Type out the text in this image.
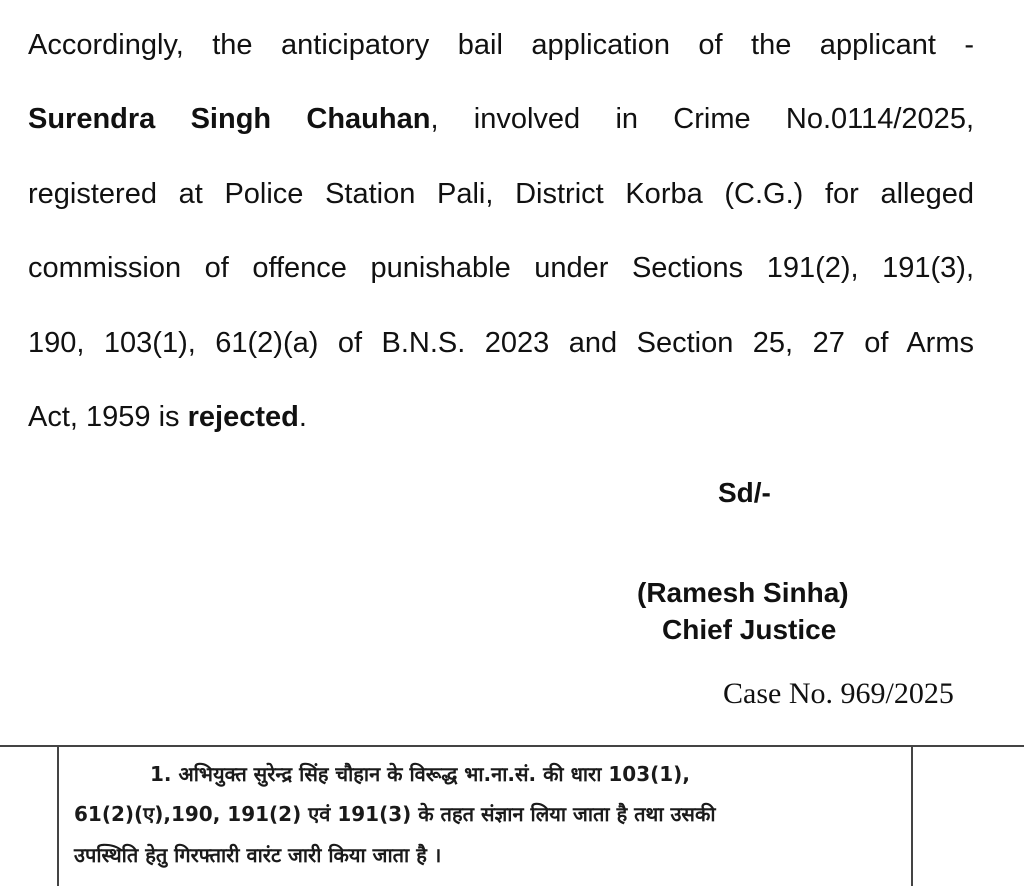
Accordingly, the anticipatory bail application of the applicant -
Surendra Singh Chauhan, involved in Crime No.0114/2025,
registered at Police Station Pali, District Korba (C.G.) for alleged
commission of offence punishable under Sections 191(2), 191(3),
190, 103(1), 61(2)(a) of B.N.S. 2023 and Section 25, 27 of Arms
Act, 1959 is rejected.
Sd/-
(Ramesh Sinha)
Chief Justice
Case No. 969/2025
1. अभियुक्त सुरेन्द्र सिंह चौहान के विरूद्ध भा.ना.सं. की धारा 103(1),
61(2)(ए),190, 191(2) एवं 191(3) के तहत संज्ञान लिया जाता है तथा उसकी
उपस्थिति हेतु गिरफ्तारी वारंट जारी किया जाता है ।
